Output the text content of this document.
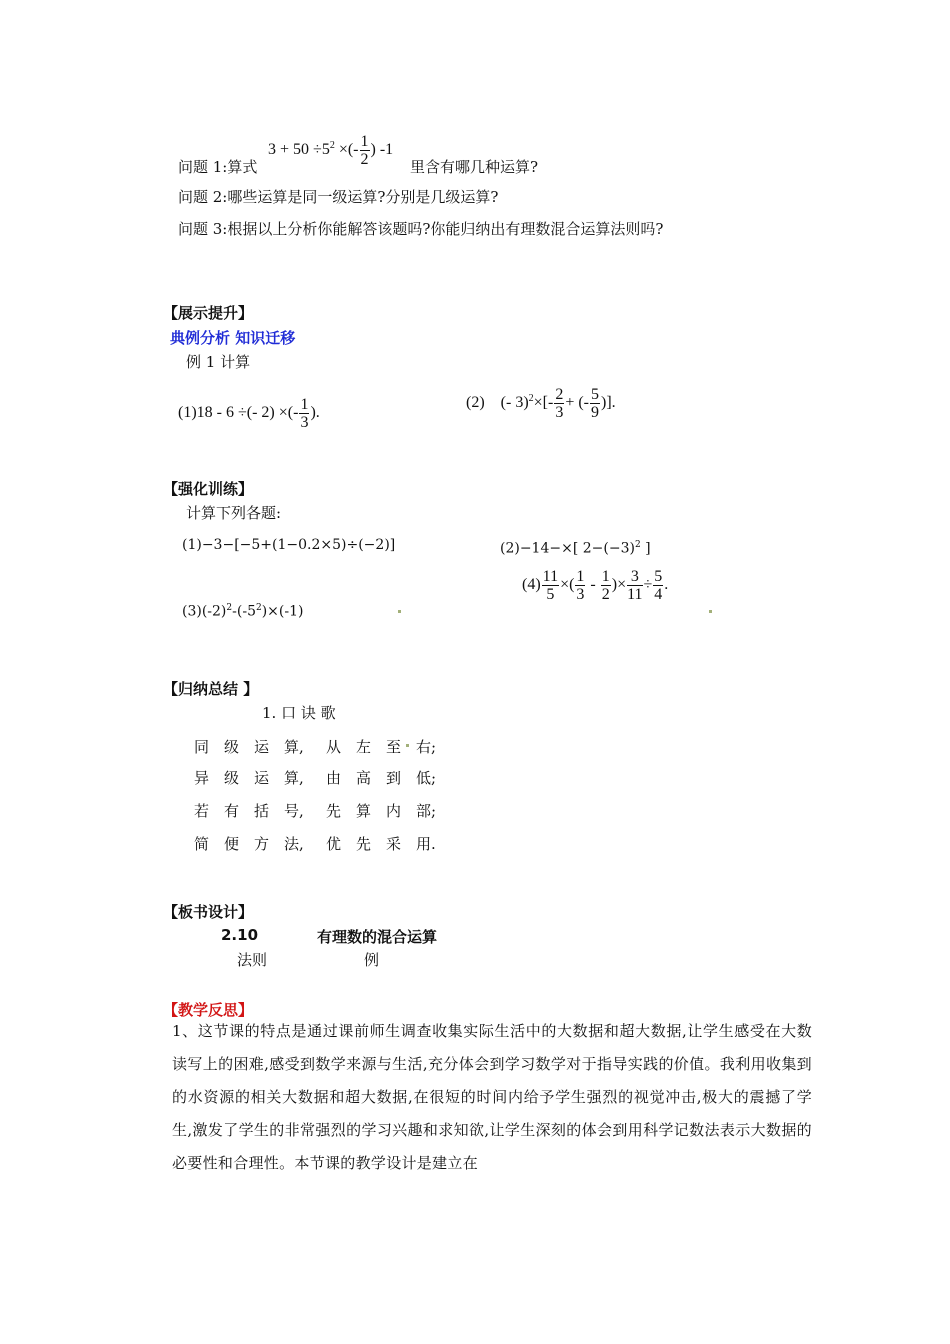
$3 + 50 \div 5^2$ ×(- $\frac{1}{2}$ ) -1
问题 1:算式	里含有哪几种运算?
问题 2:哪些运算是同一级运算?分别是几级运算?
问题 3:根据以上分析你能解答该题吗?你能归纳出有理数混合运算法则吗?
【展示提升】
典例分析 知识迁移
例 1 计算
(1)18 - 6 ÷(- 2) ×(- $\frac{1}{3}$ ).
(2) (- $3)^2\times[- \frac{2}{3}$ + (- $\frac{5}{9}$ )].
【强化训练】
计算下列各题:
(1)−3−[−5+(1−0.2×5)÷(−2)]	(2)−14−×[ $2-(-3)^2$ ]
$(3)(-2)^2-(-5^2)\times(-1)$
$(4) \frac{11}{5}$ ×( $\frac{1}{3} - \frac{1}{2}$ )× $\frac{3}{11} \div \frac{5}{4}$ .
【归纳总结 】
1. 口 诀 歌
同 级 运 算, 从 左 至 右;
异 级 运 算, 由 高 到 低;
若 有 括 号, 先 算 内 部;
简 便 方 法, 优 先 采 用.
【板书设计】
2.10	有理数的混合运算
法则	例
【教学反思】
1、这节课的特点是通过课前师生调查收集实际生活中的大数据和超大数据,让学生感受在大数读写上的困难,感受到数学来源与生活,充分体会到学习数学对于指导实践的价值。我利用收集到的水资源的相关大数据和超大数据,在很短的时间内给予学生强烈的视觉冲击,极大的震撼了学生,激发了学生的非常强烈的学习兴趣和求知欲,让学生深刻的体会到用科学记数法表示大数据的必要性和合理性。本节课的教学设计是建立在
